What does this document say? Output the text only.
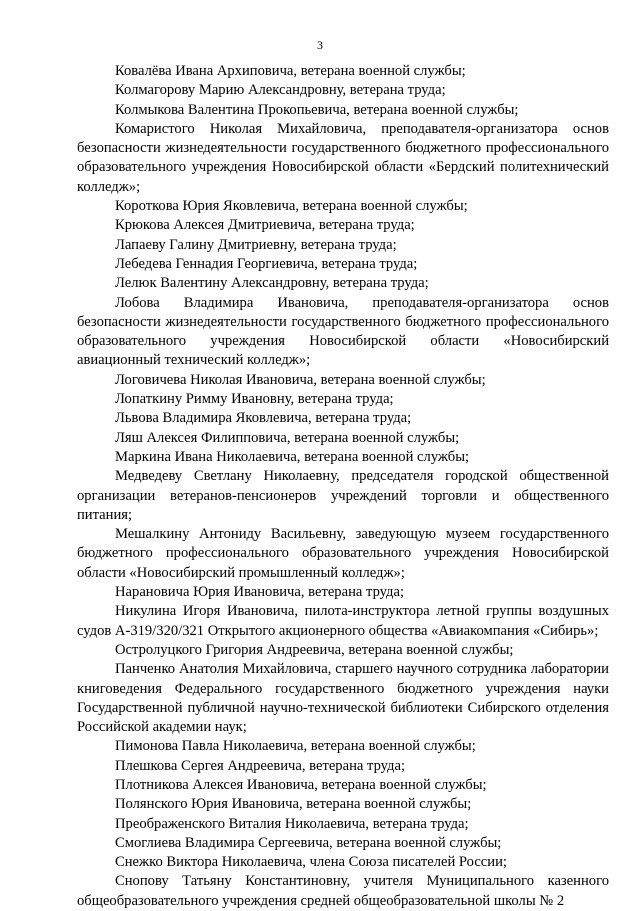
3

Ковалёва Ивана Архиповича, ветерана военной службы;

Колмагорову Марию Александровну, ветерана труда;

Колмыкова Валентина Прокопьевича, ветерана военной службы;

Комаристого Николая Михайловича, преподавателя-организатора основ безопасности жизнедеятельности государственного бюджетного профессионального образовательного учреждения Новосибирской области «Бердский политехнический колледж»;

Короткова Юрия Яковлевича, ветерана военной службы;

Крюкова Алексея Дмитриевича, ветерана труда;

Лапаеву Галину Дмитриевну, ветерана труда;

Лебедева Геннадия Георгиевича, ветерана труда;

Лелюк Валентину Александровну, ветерана труда;

Лобова Владимира Ивановича, преподавателя-организатора основ безопасности жизнедеятельности государственного бюджетного профессионального образовательного учреждения Новосибирской области «Новосибирский авиационный технический колледж»;

Логовичева Николая Ивановича, ветерана военной службы;

Лопаткину Римму Ивановну, ветерана труда;

Львова Владимира Яковлевича, ветерана труда;

Ляш Алексея Филипповича, ветерана военной службы;

Маркина Ивана Николаевича, ветерана военной службы;

Медведеву Светлану Николаевну, председателя городской общественной организации ветеранов-пенсионеров учреждений торговли и общественного питания;

Мешалкину Антониду Васильевну, заведующую музеем государственного бюджетного профессионального образовательного учреждения Новосибирской области «Новосибирский промышленный колледж»;

Нарановича Юрия Ивановича, ветерана труда;

Никулина Игоря Ивановича, пилота-инструктора летной группы воздушных судов А-319/320/321 Открытого акционерного общества «Авиакомпания «Сибирь»;

Остролуцкого Григория Андреевича, ветерана военной службы;

Панченко Анатолия Михайловича, старшего научного сотрудника лаборатории книговедения Федерального государственного бюджетного учреждения науки Государственной публичной научно-технической библиотеки Сибирского отделения Российской академии наук;

Пимонова Павла Николаевича, ветерана военной службы;

Плешкова Сергея Андреевича, ветерана труда;

Плотникова Алексея Ивановича, ветерана военной службы;

Полянского Юрия Ивановича, ветерана военной службы;

Преображенского Виталия Николаевича, ветерана труда;

Смоглиева Владимира Сергеевича, ветерана военной службы;

Снежко Виктора Николаевича, члена Союза писателей России;

Снопову Татьяну Константиновну, учителя Муниципального казенного общеобразовательного учреждения средней общеобразовательной школы № 2
